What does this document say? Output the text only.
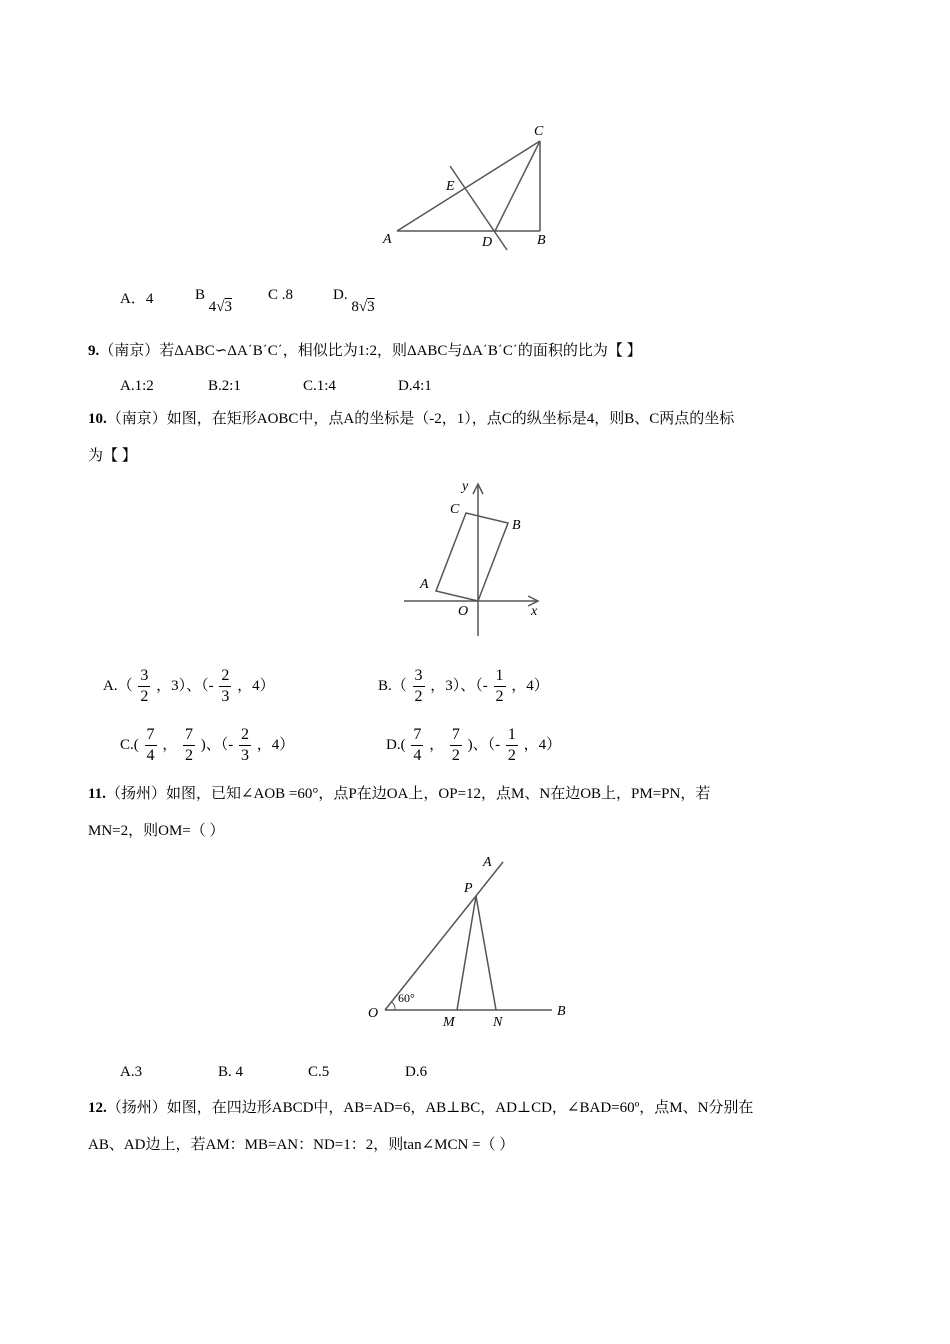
C
E
A	D	B
A．4	B 4√3
C .8	D. 8√3
9.（南京）若ΔABC∽ΔA΄B΄C΄，相似比为1:2，则ΔABC与ΔA΄B΄C΄的面积的比为【 】
A.1:2	B.2:1	C.1:4	D.4:1
10.（南京）如图，在矩形AOBC中，点A的坐标是（-2，1），点C的纵坐标是4，则B、C两点的坐标
为【 】
y
C
B
A
O	x
$A.( \frac{3}{2}$ ，3）、（- $\frac{2}{3}$ ，4）	$B.( \frac{3}{2}$ ，3）、（- $\frac{1}{2}$ ，4）
$C.( \frac{7}{4}$ ， $\frac{7}{2}$ )、（- $\frac{2}{3}$ ，4）	$D.( \frac{7}{4}$ ， $\frac{7}{2}$ )、（- $\frac{1}{2}$ ，4）
11.（扬州）如图，已知∠AOB =60°，点P在边OA上，OP=12，点M、N在边OB上，PM=PN，若
MN=2，则OM=（ ）
A
P
60°
O
M	N
B
A.3	B. 4	C.5	D.6
12.（扬州）如图，在四边形ABCD中，AB=AD=6，AB⊥BC，AD⊥CD，∠BAD=60º，点M、N分别在
AB、AD边上，若AM：MB=AN：ND=1：2，则tan∠MCN =（ ）
